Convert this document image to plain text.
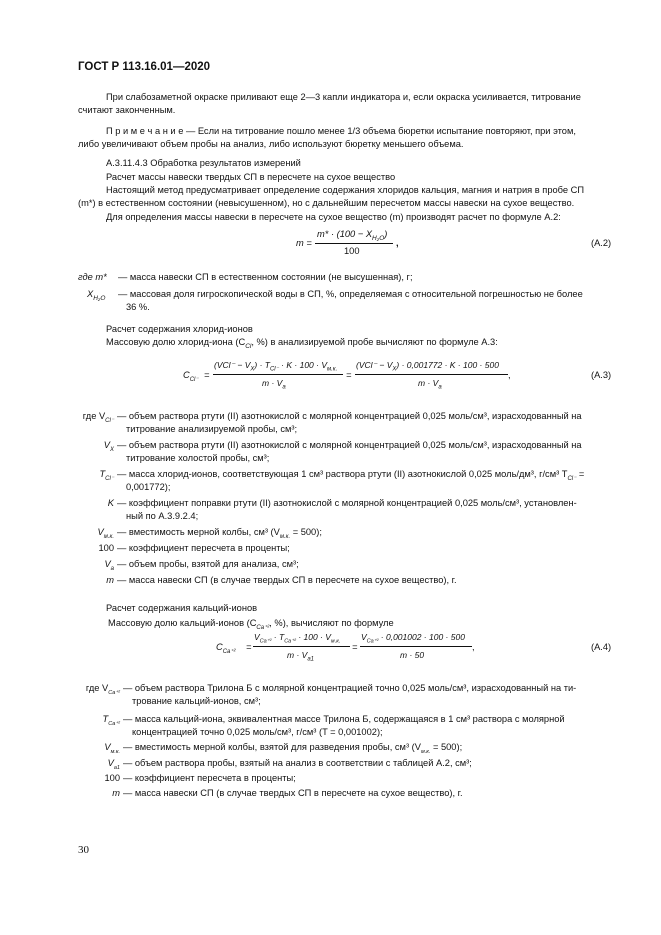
ГОСТ Р 113.16.01—2020
При слабозаметной окраске приливают еще 2—3 капли индикатора и, если окраска усиливается, титрование
считают законченным.
П р и м е ч а н и е — Если на титрование пошло менее 1/3 объема бюретки испытание повторяют, при этом,
либо увеличивают объем пробы на анализ, либо используют бюретку меньшего объема.
А.3.11.4.3 Обработка результатов измерений
Расчет массы навески твердых СП в пересчете на сухое вещество
Настоящий метод предусматривает определение содержания хлоридов кальция, магния и натрия в пробе СП
(m*) в естественном состоянии (невысушенном), но с дальнейшим пересчетом массы навески на сухое вещество.
Для определения массы навески в пересчете на сухое вещество (m) производят расчет по формуле А.2:
m =
$m* \cdot (100 - X_{H_2O})$
100
,	(А.2)
где m* — масса навески СП в естественном состоянии (не высушенная), г;
$X_{H_2O}$ — массовая доля гигроскопической воды в СП, %, определяемая с относительной погрешностью не более
36 %.
Расчет содержания хлорид-ионов
Массовую долю хлорид-иона ($C_{Cl}$, %) в анализируемой пробе вычисляют по формуле А.3:
$C_{Cl^-}$ =
$(VCl^- - V_X) \cdot T_{Cl^-} \cdot K \cdot 100 \cdot V_{м.к.}$
$m \cdot V_a$
=
$(VCl^- - V_X) \cdot 0,001772 \cdot K \cdot 100 \cdot 500$
$m \cdot V_a$
,	(А.3)
где $V_{Cl^-}$ — объем раствора ртути (II) азотнокислой с молярной концентрацией 0,025 моль/см³, израсходованный на
титрование анализируемой пробы, см³;
$V_X$ — объем раствора ртути (II) азотнокислой с молярной концентрацией 0,025 моль/см³, израсходованный на
титрование холостой пробы, см³;
$T_{Cl^-}$ — масса хлорид-ионов, соответствующая 1 см³ раствора ртути (II) азотнокислой 0,025 моль/дм³, г/см³ $T_{Cl^-}$ =
0,001772);
K — коэффициент поправки ртути (II) азотнокислой с молярной концентрацией 0,025 моль/см³, установлен-
ный по А.3.9.2.4;
$V_{м.к.}$ — вместимость мерной колбы, см³ $(V_{м.к.} = 500)$;
100 — коэффициент пересчета в проценты;
$V_a$ — объем пробы, взятой для анализа, см³;
m — масса навески СП (в случае твердых СП в пересчете на сухое вещество), г.
Расчет содержания кальций-ионов
Массовую долю кальций-ионов ($C_{Ca^{+2}}$, %), вычисляют по формуле
$C_{Ca^{+2}}$ =
$V_{Ca^{+2}} \cdot T_{Ca^{+2}} \cdot 100 \cdot V_{м.к.}$
$m \cdot V_{a1}$
=
$V_{Ca^{+2}} \cdot 0,001002 \cdot 100 \cdot 500$
m · 50
,	(А.4)
где $V_{Ca^{+2}}$ — объем раствора Трилона Б с молярной концентрацией точно 0,025 моль/см³, израсходованный на ти-
трование кальций-ионов, см³;
$T_{Ca^{+2}}$ — масса кальций-иона, эквивалентная массе Трилона Б, содержащаяся в 1 см³ раствора с молярной
концентрацией точно 0,025 моль/см³, г/см³ (T = 0,001002);
$V_{м.к.}$ — вместимость мерной колбы, взятой для разведения пробы, см³ $(V_{м.к.} = 500)$;
$V_{a1}$ — объем раствора пробы, взятый на анализ в соответствии с таблицей А.2, см³;
100 — коэффициент пересчета в проценты;
m — масса навески СП (в случае твердых СП в пересчете на сухое вещество), г.
30
